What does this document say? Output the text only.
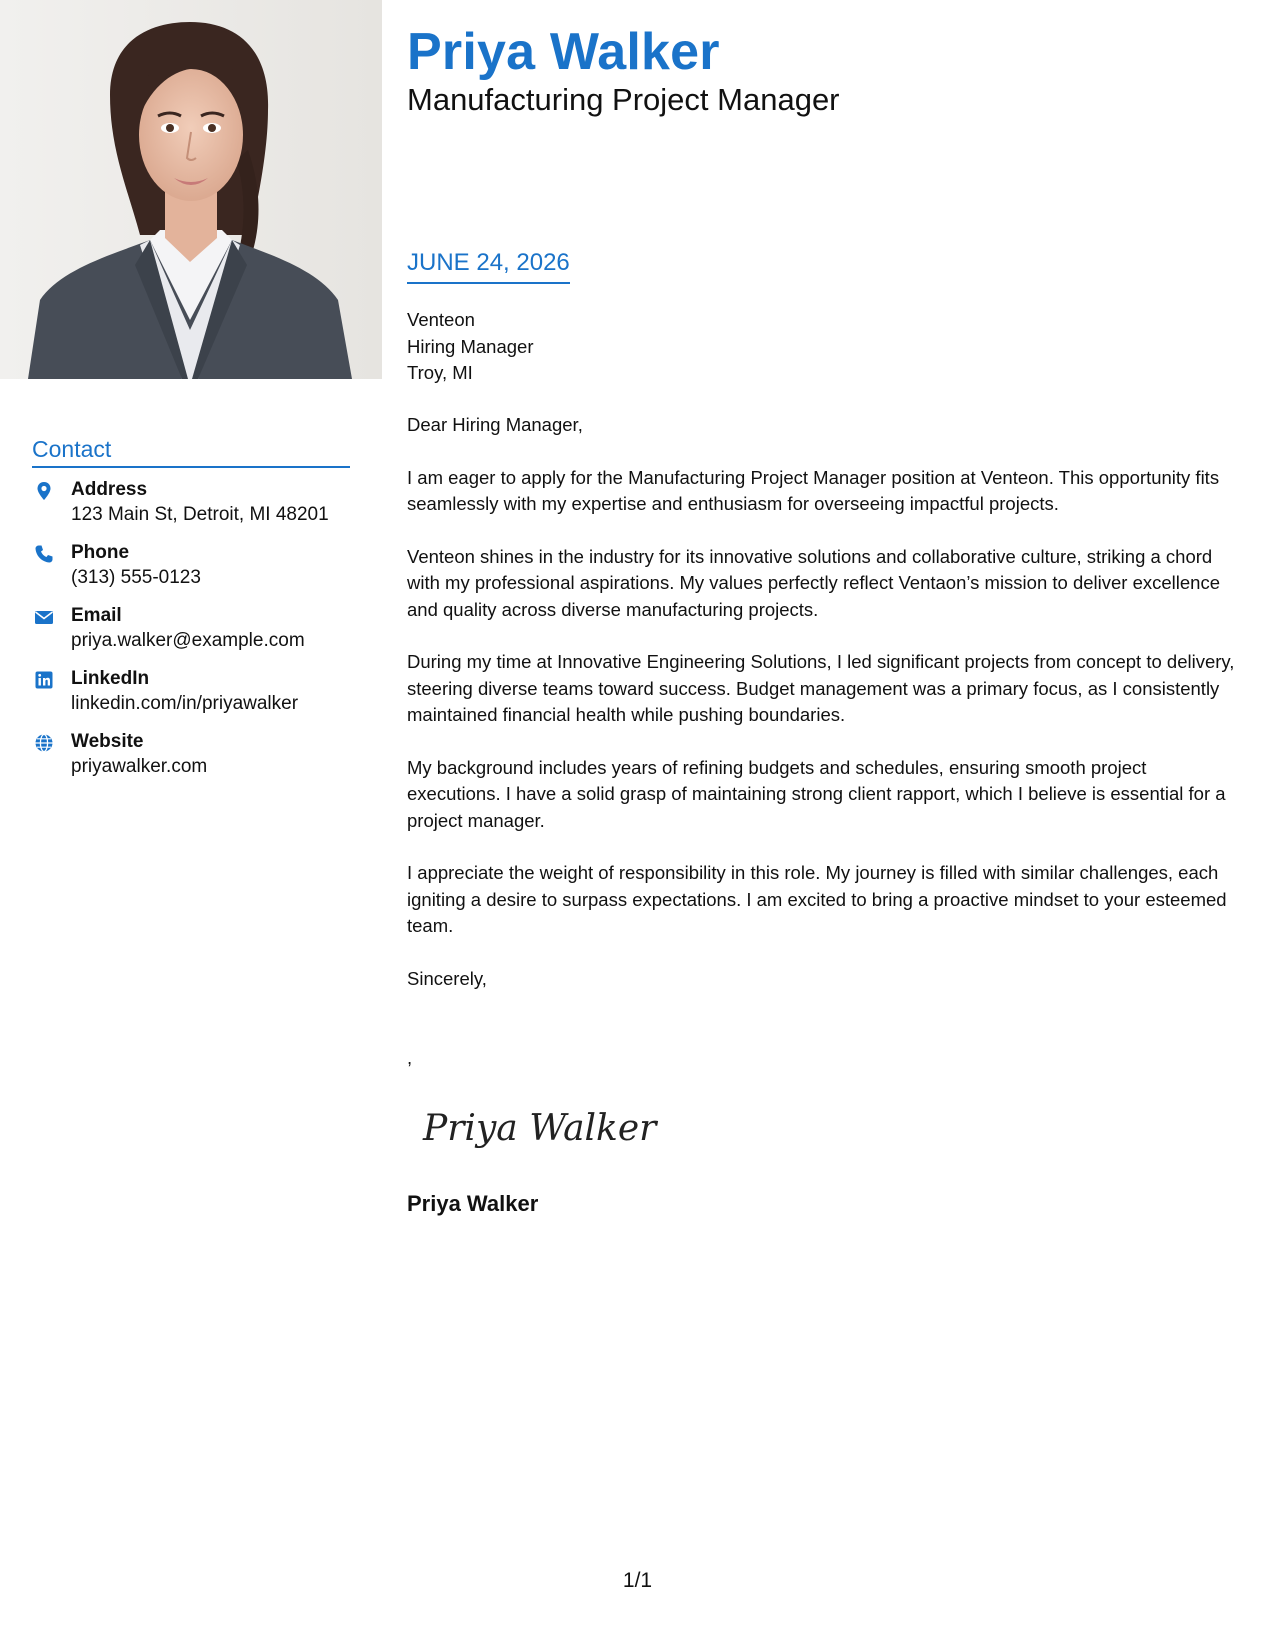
Contact
Address
123 Main St, Detroit, MI 48201
Phone
(313) 555-0123
Email
priya.walker@example.com
LinkedIn
linkedin.com/in/priyawalker
Website
priyawalker.com
Priya Walker
Manufacturing Project Manager
JUNE 24, 2026
Venteon
Hiring Manager
Troy, MI

Dear Hiring Manager,

I am eager to apply for the Manufacturing Project Manager position at Venteon. This opportunity fits seamlessly with my expertise and enthusiasm for overseeing impactful projects.

Venteon shines in the industry for its innovative solutions and collaborative culture, striking a chord with my professional aspirations. My values perfectly reflect Ventaon’s mission to deliver excellence and quality across diverse manufacturing projects.

During my time at Innovative Engineering Solutions, I led significant projects from concept to delivery, steering diverse teams toward success. Budget management was a primary focus, as I consistently maintained financial health while pushing boundaries.

My background includes years of refining budgets and schedules, ensuring smooth project executions. I have a solid grasp of maintaining strong client rapport, which I believe is essential for a project manager.

I appreciate the weight of responsibility in this role. My journey is filled with similar challenges, each igniting a desire to surpass expectations. I am excited to bring a proactive mindset to your esteemed team.

Sincerely,

,
Priya Walker
Priya Walker
1/1
